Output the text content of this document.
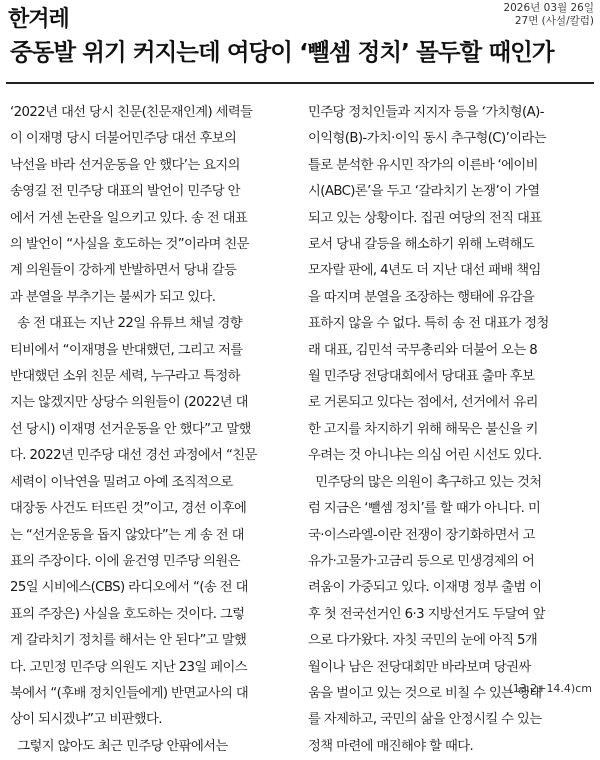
한겨레	2026년 03월 26일
27면 (사설/칼럼)
중동발 위기 커지는데 여당이 ‘뺄셈 정치’ 몰두할 때인가
‘2022년 대선 당시 친문(친문재인계) 세력들
이 이재명 당시 더불어민주당 대선 후보의
낙선을 바라 선거운동을 안 했다’는 요지의
송영길 전 민주당 대표의 발언이 민주당 안
에서 거센 논란을 일으키고 있다. 송 전 대표
의 발언이 “사실을 호도하는 것”이라며 친문
계 의원들이 강하게 반발하면서 당내 갈등
과 분열을 부추기는 불씨가 되고 있다.
송 전 대표는 지난 22일 유튜브 채널 경향
티비에서 “이재명을 반대했던, 그리고 저를
반대했던 소위 친문 세력, 누구라고 특정하
지는 않겠지만 상당수 의원들이 (2022년 대
선 당시) 이재명 선거운동을 안 했다”고 말했
다. 2022년 민주당 대선 경선 과정에서 “친문
세력이 이낙연을 밀려고 아예 조직적으로
대장동 사건도 터뜨린 것”이고, 경선 이후에
는 “선거운동을 돕지 않았다”는 게 송 전 대
표의 주장이다. 이에 윤건영 민주당 의원은
25일 시비에스(CBS) 라디오에서 “(송 전 대
표의 주장은) 사실을 호도하는 것이다. 그렇
게 갈라치기 정치를 해서는 안 된다”고 말했
다. 고민정 민주당 의원도 지난 23일 페이스
북에서 “(후배 정치인들에게) 반면교사의 대
상이 되시겠냐”고 비판했다.
그렇지 않아도 최근 민주당 안팎에서는
민주당 정치인들과 지지자 등을 ‘가치형(A)-
이익형(B)-가치·이익 동시 추구형(C)’이라는
틀로 분석한 유시민 작가의 이른바 ‘에이비
시(ABC)론’을 두고 ‘갈라치기 논쟁’이 가열
되고 있는 상황이다. 집권 여당의 전직 대표
로서 당내 갈등을 해소하기 위해 노력해도
모자랄 판에, 4년도 더 지난 대선 패배 책임
을 따지며 분열을 조장하는 행태에 유감을
표하지 않을 수 없다. 특히 송 전 대표가 정청
래 대표, 김민석 국무총리와 더불어 오는 8
월 민주당 전당대회에서 당대표 출마 후보
로 거론되고 있다는 점에서, 선거에서 유리
한 고지를 차지하기 위해 해묵은 불신을 키
우려는 것 아니냐는 의심 어린 시선도 있다.
민주당의 많은 의원이 촉구하고 있는 것처
럼 지금은 ‘뺄셈 정치’를 할 때가 아니다. 미
국·이스라엘-이란 전쟁이 장기화하면서 고
유가·고물가·고금리 등으로 민생경제의 어
려움이 가중되고 있다. 이재명 정부 출범 이
후 첫 전국선거인 6·3 지방선거도 두달여 앞
으로 다가왔다. 자칫 국민의 눈에 아직 5개
월이나 남은 전당대회만 바라보며 당권싸
움을 벌이고 있는 것으로 비칠 수 있는 행태
를 자제하고, 국민의 삶을 안정시킬 수 있는
정책 마련에 매진해야 할 때다.
(13.2+14.4)cm
